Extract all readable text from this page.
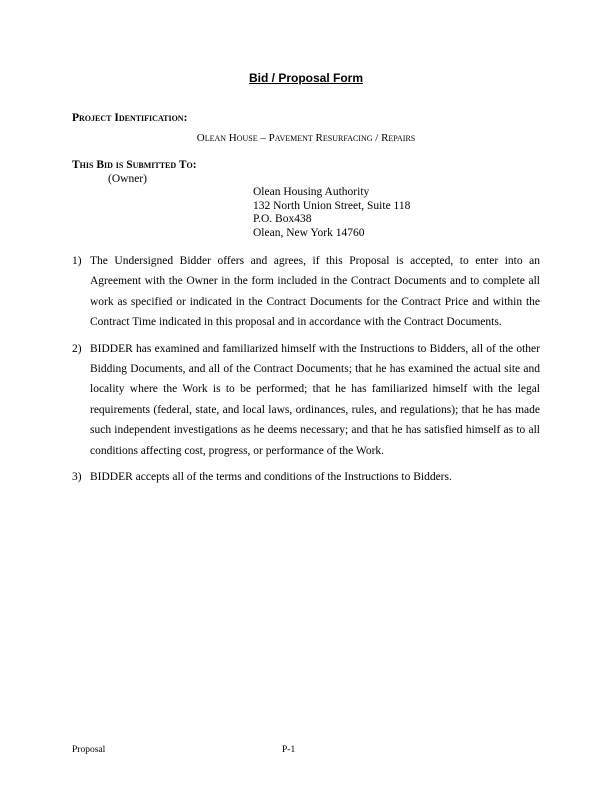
Bid / Proposal Form
Project Identification:
Olean House – Pavement Resurfacing / Repairs
This Bid is Submitted To:
(Owner)
Olean Housing Authority
132 North Union Street, Suite 118
P.O. Box438
Olean, New York 14760
1) The Undersigned Bidder offers and agrees, if this Proposal is accepted, to enter into an Agreement with the Owner in the form included in the Contract Documents and to complete all work as specified or indicated in the Contract Documents for the Contract Price and within the Contract Time indicated in this proposal and in accordance with the Contract Documents.
2) BIDDER has examined and familiarized himself with the Instructions to Bidders, all of the other Bidding Documents, and all of the Contract Documents; that he has examined the actual site and locality where the Work is to be performed; that he has familiarized himself with the legal requirements (federal, state, and local laws, ordinances, rules, and regulations); that he has made such independent investigations as he deems necessary; and that he has satisfied himself as to all conditions affecting cost, progress, or performance of the Work.
3) BIDDER accepts all of the terms and conditions of the Instructions to Bidders.
Proposal	P-1
